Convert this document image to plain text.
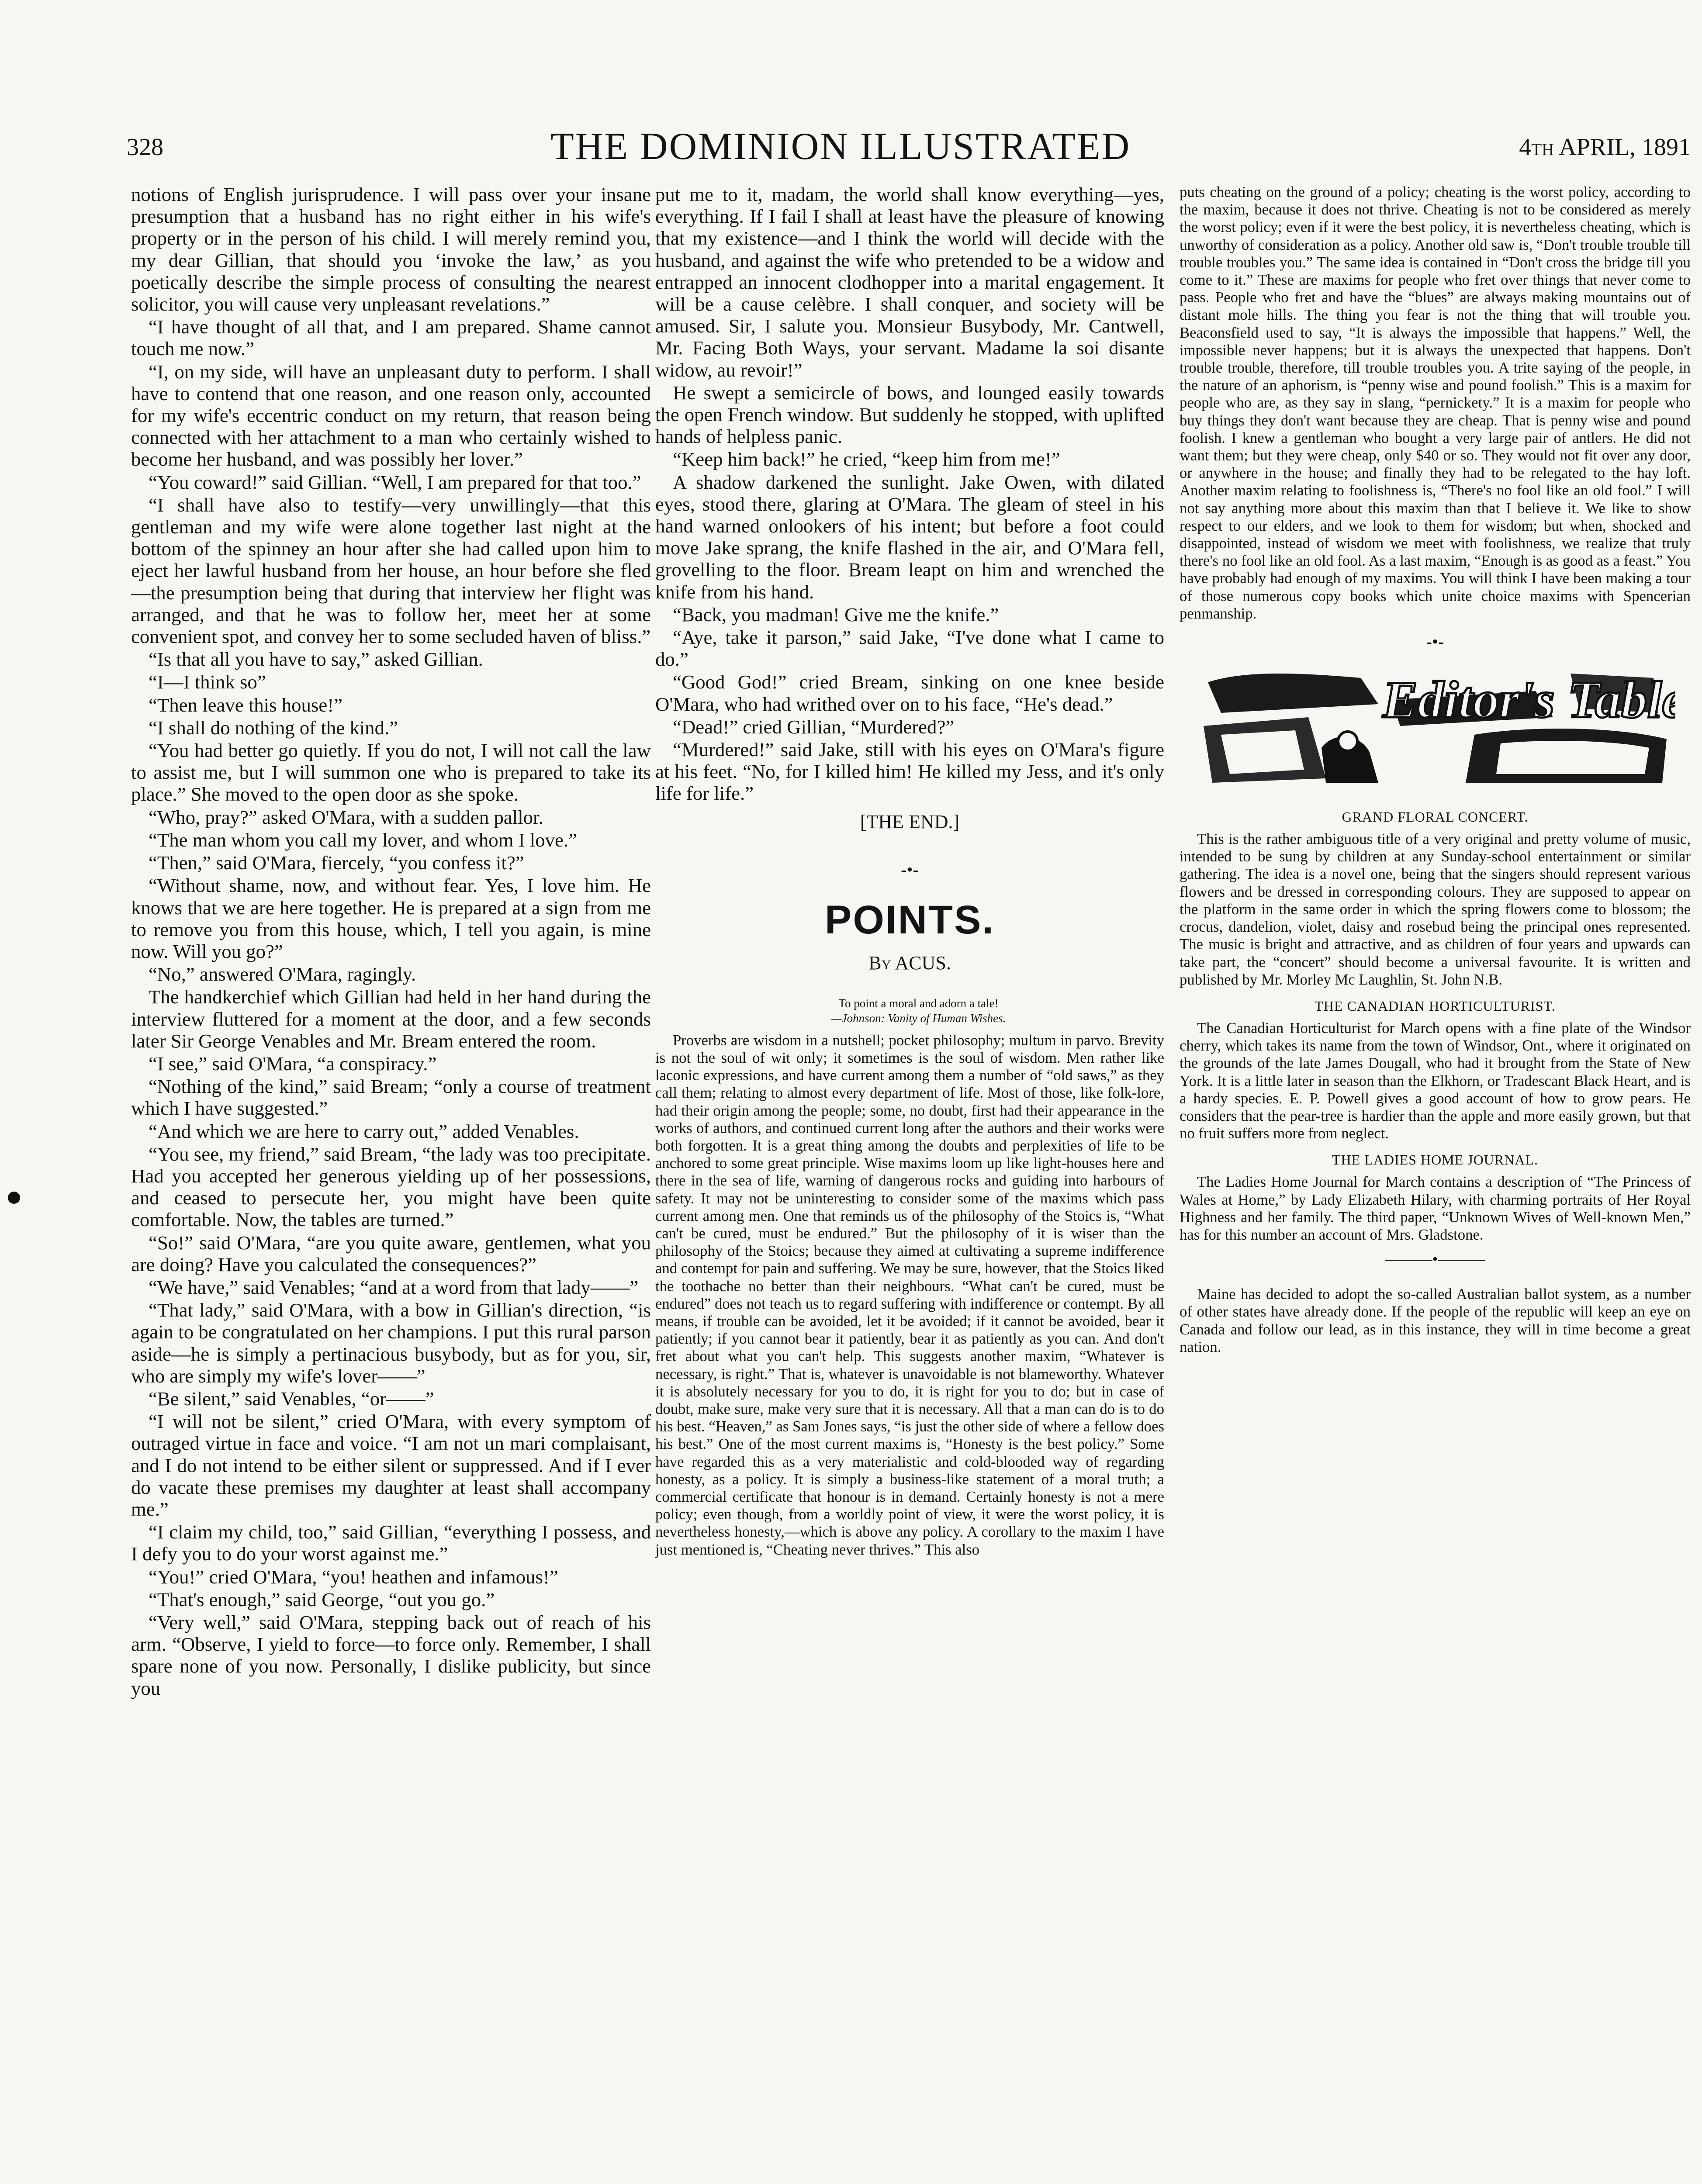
328	THE DOMINION ILLUSTRATED	4th APRIL, 1891

notions of English jurisprudence. I will pass over your insane presumption that a husband has no right either in his wife's property or in the person of his child. I will merely remind you, my dear Gillian, that should you ‘invoke the law,’ as you poetically describe the simple process of consulting the nearest solicitor, you will cause very unpleasant revelations.”

“I have thought of all that, and I am prepared. Shame cannot touch me now.”

“I, on my side, will have an unpleasant duty to perform. I shall have to contend that one reason, and one reason only, accounted for my wife's eccentric conduct on my return, that reason being connected with her attachment to a man who certainly wished to become her husband, and was possibly her lover.”

“You coward!” said Gillian. “Well, I am prepared for that too.”

“I shall have also to testify—very unwillingly—that this gentleman and my wife were alone together last night at the bottom of the spinney an hour after she had called upon him to eject her lawful husband from her house, an hour before she fled—the presumption being that during that interview her flight was arranged, and that he was to follow her, meet her at some convenient spot, and convey her to some secluded haven of bliss.”

“Is that all you have to say,” asked Gillian.

“I—I think so”

“Then leave this house!”

“I shall do nothing of the kind.”

“You had better go quietly. If you do not, I will not call the law to assist me, but I will summon one who is prepared to take its place.” She moved to the open door as she spoke.

“Who, pray?” asked O'Mara, with a sudden pallor.

“The man whom you call my lover, and whom I love.”

“Then,” said O'Mara, fiercely, “you confess it?”

“Without shame, now, and without fear. Yes, I love him. He knows that we are here together. He is prepared at a sign from me to remove you from this house, which, I tell you again, is mine now. Will you go?”

“No,” answered O'Mara, ragingly.

The handkerchief which Gillian had held in her hand during the interview fluttered for a moment at the door, and a few seconds later Sir George Venables and Mr. Bream entered the room.

“I see,” said O'Mara, “a conspiracy.”

“Nothing of the kind,” said Bream; “only a course of treatment which I have suggested.”

“And which we are here to carry out,” added Venables.

“You see, my friend,” said Bream, “the lady was too precipitate. Had you accepted her generous yielding up of her possessions, and ceased to persecute her, you might have been quite comfortable. Now, the tables are turned.”

“So!” said O'Mara, “are you quite aware, gentlemen, what you are doing? Have you calculated the consequences?”

“We have,” said Venables; “and at a word from that lady——”

“That lady,” said O'Mara, with a bow in Gillian's direction, “is again to be congratulated on her champions. I put this rural parson aside—he is simply a pertinacious busybody, but as for you, sir, who are simply my wife's lover——”

“Be silent,” said Venables, “or——”

“I will not be silent,” cried O'Mara, with every symptom of outraged virtue in face and voice. “I am not un mari complaisant, and I do not intend to be either silent or suppressed. And if I ever do vacate these premises my daughter at least shall accompany me.”

“I claim my child, too,” said Gillian, “everything I possess, and I defy you to do your worst against me.”

“You!” cried O'Mara, “you! heathen and infamous!”

“That's enough,” said George, “out you go.”

“Very well,” said O'Mara, stepping back out of reach of his arm. “Observe, I yield to force—to force only. Remember, I shall spare none of you now. Personally, I dislike publicity, but since you

put me to it, madam, the world shall know everything—yes, everything. If I fail I shall at least have the pleasure of knowing that my existence—and I think the world will decide with the husband, and against the wife who pretended to be a widow and entrapped an innocent clodhopper into a marital engagement. It will be a cause celèbre. I shall conquer, and society will be amused. Sir, I salute you. Monsieur Busybody, Mr. Cantwell, Mr. Facing Both Ways, your servant. Madame la soi disante widow, au revoir!”

He swept a semicircle of bows, and lounged easily towards the open French window. But suddenly he stopped, with uplifted hands of helpless panic.

“Keep him back!” he cried, “keep him from me!”

A shadow darkened the sunlight. Jake Owen, with dilated eyes, stood there, glaring at O'Mara. The gleam of steel in his hand warned onlookers of his intent; but before a foot could move Jake sprang, the knife flashed in the air, and O'Mara fell, grovelling to the floor. Bream leapt on him and wrenched the knife from his hand.

“Back, you madman! Give me the knife.”

“Aye, take it parson,” said Jake, “I've done what I came to do.”

“Good God!” cried Bream, sinking on one knee beside O'Mara, who had writhed over on to his face, “He's dead.”

“Dead!” cried Gillian, “Murdered?”

“Murdered!” said Jake, still with his eyes on O'Mara's figure at his feet. “No, for I killed him! He killed my Jess, and it's only life for life.”

[THE END.]
-•-
POINTS.
By ACUS.

To point a moral and adorn a tale!

—Johnson: Vanity of Human Wishes.

Proverbs are wisdom in a nutshell; pocket philosophy; multum in parvo. Brevity is not the soul of wit only; it sometimes is the soul of wisdom. Men rather like laconic expressions, and have current among them a number of “old saws,” as they call them; relating to almost every department of life. Most of those, like folk-lore, had their origin among the people; some, no doubt, first had their appearance in the works of authors, and continued current long after the authors and their works were both forgotten. It is a great thing among the doubts and perplexities of life to be anchored to some great principle. Wise maxims loom up like light-houses here and there in the sea of life, warning of dangerous rocks and guiding into harbours of safety. It may not be uninteresting to consider some of the maxims which pass current among men. One that reminds us of the philosophy of the Stoics is, “What can't be cured, must be endured.” But the philosophy of it is wiser than the philosophy of the Stoics; because they aimed at cultivating a supreme indifference and contempt for pain and suffering. We may be sure, however, that the Stoics liked the toothache no better than their neighbours. “What can't be cured, must be endured” does not teach us to regard suffering with indifference or contempt. By all means, if trouble can be avoided, let it be avoided; if it cannot be avoided, bear it patiently; if you cannot bear it patiently, bear it as patiently as you can. And don't fret about what you can't help. This suggests another maxim, “Whatever is necessary, is right.” That is, whatever is unavoidable is not blameworthy. Whatever it is absolutely necessary for you to do, it is right for you to do; but in case of doubt, make sure, make very sure that it is necessary. All that a man can do is to do his best. “Heaven,” as Sam Jones says, “is just the other side of where a fellow does his best.” One of the most current maxims is, “Honesty is the best policy.” Some have regarded this as a very materialistic and cold-blooded way of regarding honesty, as a policy. It is simply a business-like statement of a moral truth; a commercial certificate that honour is in demand. Certainly honesty is not a mere policy; even though, from a worldly point of view, it were the worst policy, it is nevertheless honesty,—which is above any policy. A corollary to the maxim I have just mentioned is, “Cheating never thrives.” This also

puts cheating on the ground of a policy; cheating is the worst policy, according to the maxim, because it does not thrive. Cheating is not to be considered as merely the worst policy; even if it were the best policy, it is nevertheless cheating, which is unworthy of consideration as a policy. Another old saw is, “Don't trouble trouble till trouble troubles you.” The same idea is contained in “Don't cross the bridge till you come to it.” These are maxims for people who fret over things that never come to pass. People who fret and have the “blues” are always making mountains out of distant mole hills. The thing you fear is not the thing that will trouble you. Beaconsfield used to say, “It is always the impossible that happens.” Well, the impossible never happens; but it is always the unexpected that happens. Don't trouble trouble, therefore, till trouble troubles you. A trite saying of the people, in the nature of an aphorism, is “penny wise and pound foolish.” This is a maxim for people who are, as they say in slang, “pernickety.” It is a maxim for people who buy things they don't want because they are cheap. That is penny wise and pound foolish. I knew a gentleman who bought a very large pair of antlers. He did not want them; but they were cheap, only $40 or so. They would not fit over any door, or anywhere in the house; and finally they had to be relegated to the hay loft. Another maxim relating to foolishness is, “There's no fool like an old fool.” I will not say anything more about this maxim than that I believe it. We like to show respect to our elders, and we look to them for wisdom; but when, shocked and disappointed, instead of wisdom we meet with foolishness, we realize that truly there's no fool like an old fool. As a last maxim, “Enough is as good as a feast.” You have probably had enough of my maxims. You will think I have been making a tour of those numerous copy books which unite choice maxims with Spencerian penmanship.

-•-
Editor's Table.
GRAND FLORAL CONCERT.

This is the rather ambiguous title of a very original and pretty volume of music, intended to be sung by children at any Sunday-school entertainment or similar gathering. The idea is a novel one, being that the singers should represent various flowers and be dressed in corresponding colours. They are supposed to appear on the platform in the same order in which the spring flowers come to blossom; the crocus, dandelion, violet, daisy and rosebud being the principal ones represented. The music is bright and attractive, and as children of four years and upwards can take part, the “concert” should become a universal favourite. It is written and published by Mr. Morley Mc Laughlin, St. John N.B.

THE CANADIAN HORTICULTURIST.

The Canadian Horticulturist for March opens with a fine plate of the Windsor cherry, which takes its name from the town of Windsor, Ont., where it originated on the grounds of the late James Dougall, who had it brought from the State of New York. It is a little later in season than the Elkhorn, or Tradescant Black Heart, and is a hardy species. E. P. Powell gives a good account of how to grow pears. He considers that the pear-tree is hardier than the apple and more easily grown, but that no fruit suffers more from neglect.

THE LADIES HOME JOURNAL.

The Ladies Home Journal for March contains a description of “The Princess of Wales at Home,” by Lady Elizabeth Hilary, with charming portraits of Her Royal Highness and her family. The third paper, “Unknown Wives of Well-known Men,” has for this number an account of Mrs. Gladstone.

———•———

Maine has decided to adopt the so-called Australian ballot system, as a number of other states have already done. If the people of the republic will keep an eye on Canada and follow our lead, as in this instance, they will in time become a great nation.
